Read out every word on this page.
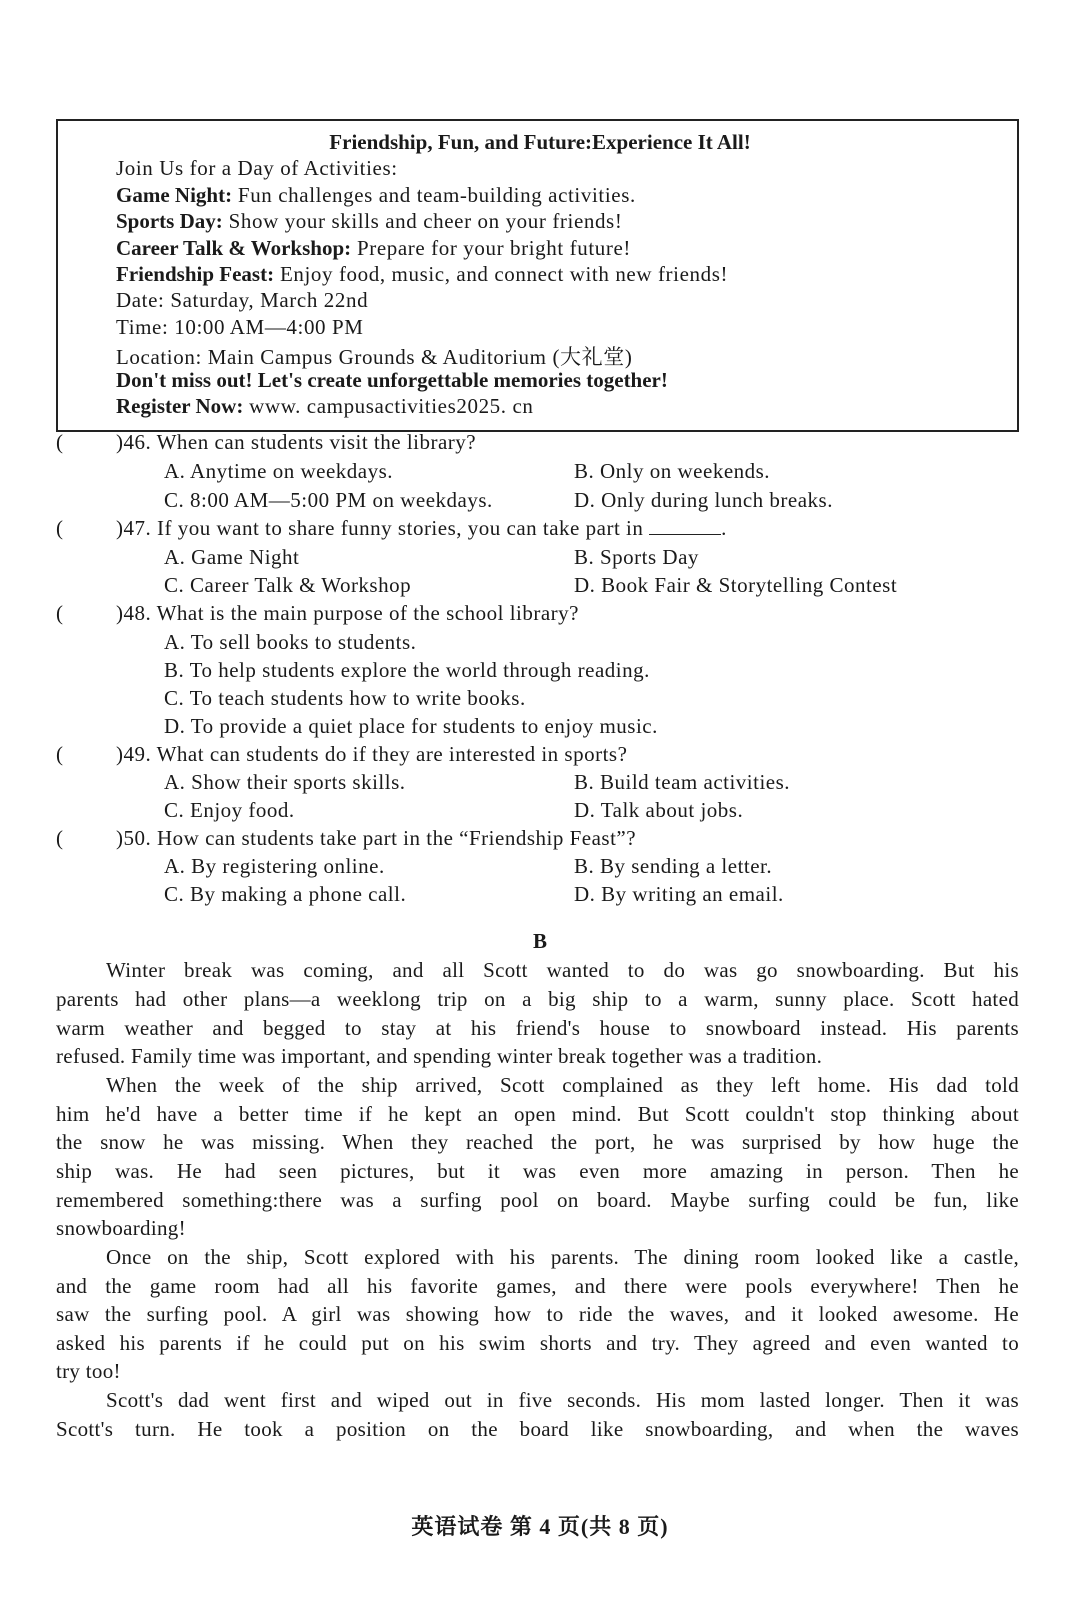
Friendship, Fun, and Future:Experience It All!
Join Us for a Day of Activities:
Game Night: Fun challenges and team-building activities.
Sports Day: Show your skills and cheer on your friends!
Career Talk & Workshop: Prepare for your bright future!
Friendship Feast: Enjoy food, music, and connect with new friends!
Date: Saturday, March 22nd
Time: 10:00 AM—4:00 PM
Location: Main Campus Grounds & Auditorium (大礼堂)
Don't miss out! Let's create unforgettable memories together!
Register Now: www. campusactivities2025. cn
(	)46. When can students visit the library?
A. Anytime on weekdays.	B. Only on weekends.
C. 8:00 AM—5:00 PM on weekdays.	D. Only during lunch breaks.
(	)47. If you want to share funny stories, you can take part in	.
A. Game Night	B. Sports Day
C. Career Talk & Workshop	D. Book Fair & Storytelling Contest
(	)48. What is the main purpose of the school library?
A. To sell books to students.
B. To help students explore the world through reading.
C. To teach students how to write books.
D. To provide a quiet place for students to enjoy music.
(	)49. What can students do if they are interested in sports?
A. Show their sports skills.	B. Build team activities.
C. Enjoy food.	D. Talk about jobs.
(	)50. How can students take part in the “Friendship Feast”?
A. By registering online.	B. By sending a letter.
C. By making a phone call.	D. By writing an email.
B
Winter break was coming, and all Scott wanted to do was go snowboarding. But his
parents had other plans—a weeklong trip on a big ship to a warm, sunny place. Scott hated
warm weather and begged to stay at his friend's house to snowboard instead. His parents
refused. Family time was important, and spending winter break together was a tradition.
When the week of the ship arrived, Scott complained as they left home. His dad told
him he'd have a better time if he kept an open mind. But Scott couldn't stop thinking about
the snow he was missing. When they reached the port, he was surprised by how huge the
ship was. He had seen pictures, but it was even more amazing in person. Then he
remembered something:there was a surfing pool on board. Maybe surfing could be fun, like
snowboarding!
Once on the ship, Scott explored with his parents. The dining room looked like a castle,
and the game room had all his favorite games, and there were pools everywhere! Then he
saw the surfing pool. A girl was showing how to ride the waves, and it looked awesome. He
asked his parents if he could put on his swim shorts and try. They agreed and even wanted to
try too!
Scott's dad went first and wiped out in five seconds. His mom lasted longer. Then it was
Scott's turn. He took a position on the board like snowboarding, and when the waves
英语试卷 第 4 页(共 8 页)
